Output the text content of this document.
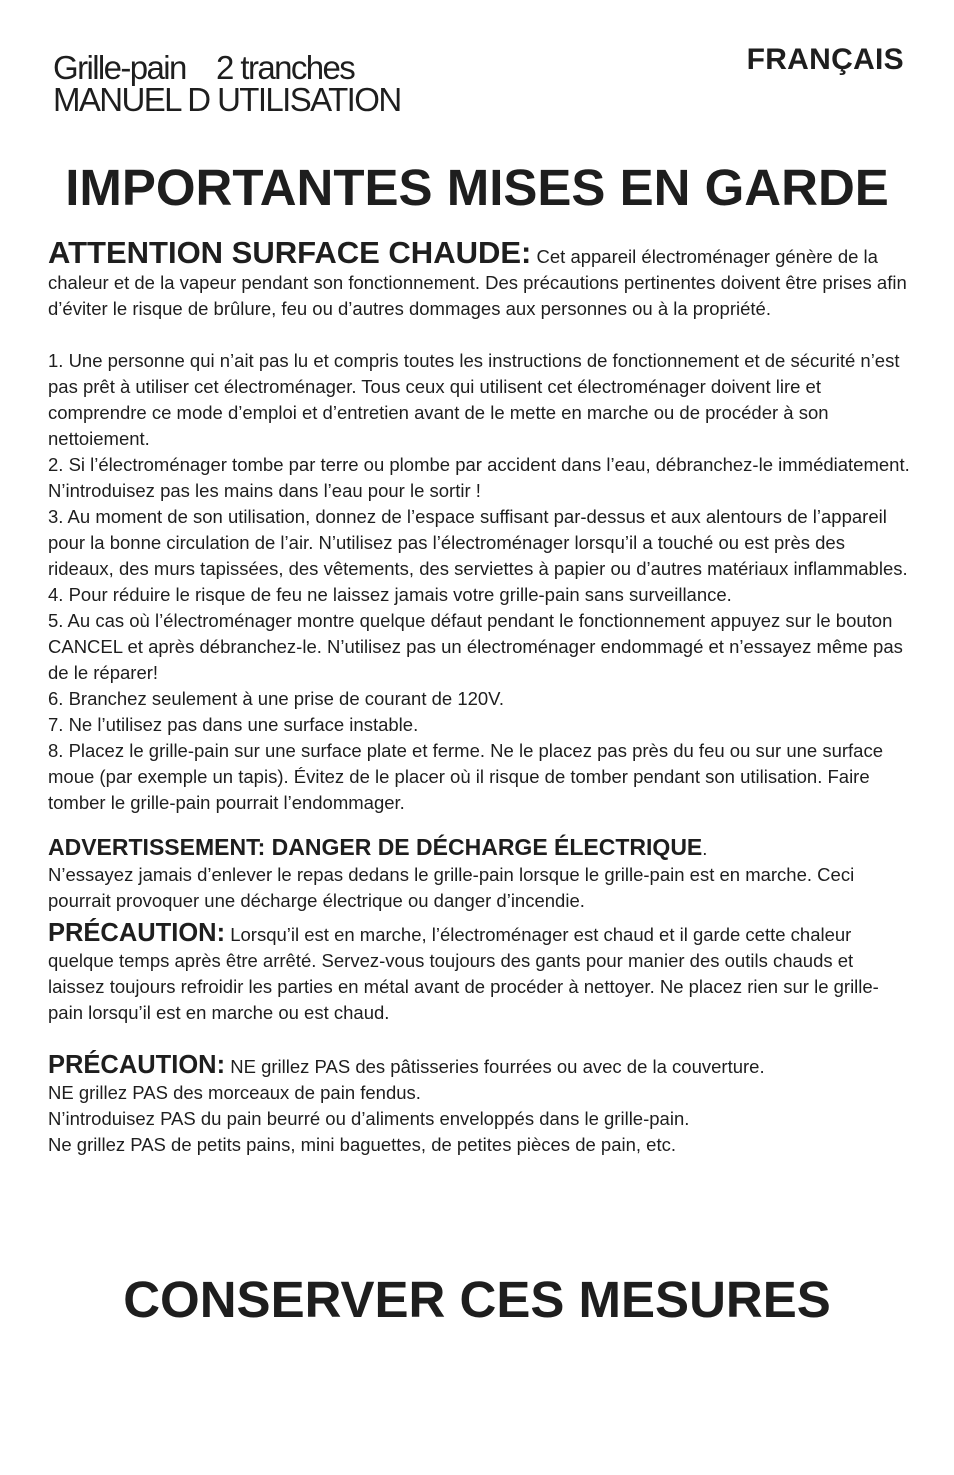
Grille-pain    2 tranches
MANUEL D UTILISATION
FRANÇAIS
IMPORTANTES MISES EN GARDE

ATTENTION SURFACE CHAUDE: Cet appareil électroménager génère de la chaleur et de la vapeur pendant son fonctionnement. Des précautions pertinentes doivent être prises afin d’éviter le risque de brûlure, feu ou d’autres dommages aux personnes ou à la propriété.

1. Une personne qui n’ait pas lu et compris toutes les instructions de fonctionnement et de sécurité n’est pas prêt à utiliser cet électroménager. Tous ceux qui utilisent cet électroménager doivent lire et comprendre ce mode d’emploi et d’entretien avant de le mette en marche ou de procéder à son nettoiement.

2. Si l’électroménager tombe par terre ou plombe par accident dans l’eau, débranchez-le immédiatement. N’introduisez pas les mains dans l’eau pour le sortir !

3. Au moment de son utilisation, donnez de l’espace suffisant par-dessus et aux alentours de l’appareil pour la bonne circulation de l’air. N’utilisez pas l’électroménager lorsqu’il a touché ou est près des rideaux, des murs tapissées, des vêtements, des serviettes à papier ou d’autres matériaux inflammables.

4. Pour réduire le risque de feu ne laissez jamais votre grille-pain sans surveillance.

5. Au cas où l’électroménager montre quelque défaut pendant le fonctionnement appuyez sur le bouton CANCEL et après débranchez-le. N’utilisez pas un électroménager endommagé et n’essayez même pas de le réparer!

6. Branchez seulement à une prise de courant de 120V.

7. Ne l’utilisez pas dans une surface instable.

8. Placez le grille-pain sur une surface plate et ferme. Ne le placez pas près du feu ou sur une surface moue (par exemple un tapis). Évitez de le placer où il risque de tomber pendant son utilisation. Faire tomber le grille-pain pourrait l’endommager.

ADVERTISSEMENT: DANGER DE DÉCHARGE ÉLECTRIQUE.

N’essayez jamais d’enlever le repas dedans le grille-pain lorsque le grille-pain est en marche. Ceci pourrait provoquer une décharge électrique ou danger d’incendie.

PRÉCAUTION: Lorsqu’il est en marche, l’électroménager est chaud et il garde cette chaleur quelque temps après être arrêté. Servez-vous toujours des gants pour manier des outils chauds et laissez toujours refroidir les parties en métal avant de procéder à nettoyer. Ne placez rien sur le grille-pain lorsqu’il est en marche ou est chaud.

PRÉCAUTION: NE grillez PAS des pâtisseries fourrées ou avec de la couverture.

NE grillez PAS des morceaux de pain fendus.

N’introduisez PAS du pain beurré ou d’aliments enveloppés dans le grille-pain.

Ne grillez PAS de petits pains, mini baguettes, de petites pièces de pain, etc.

CONSERVER CES MESURES
